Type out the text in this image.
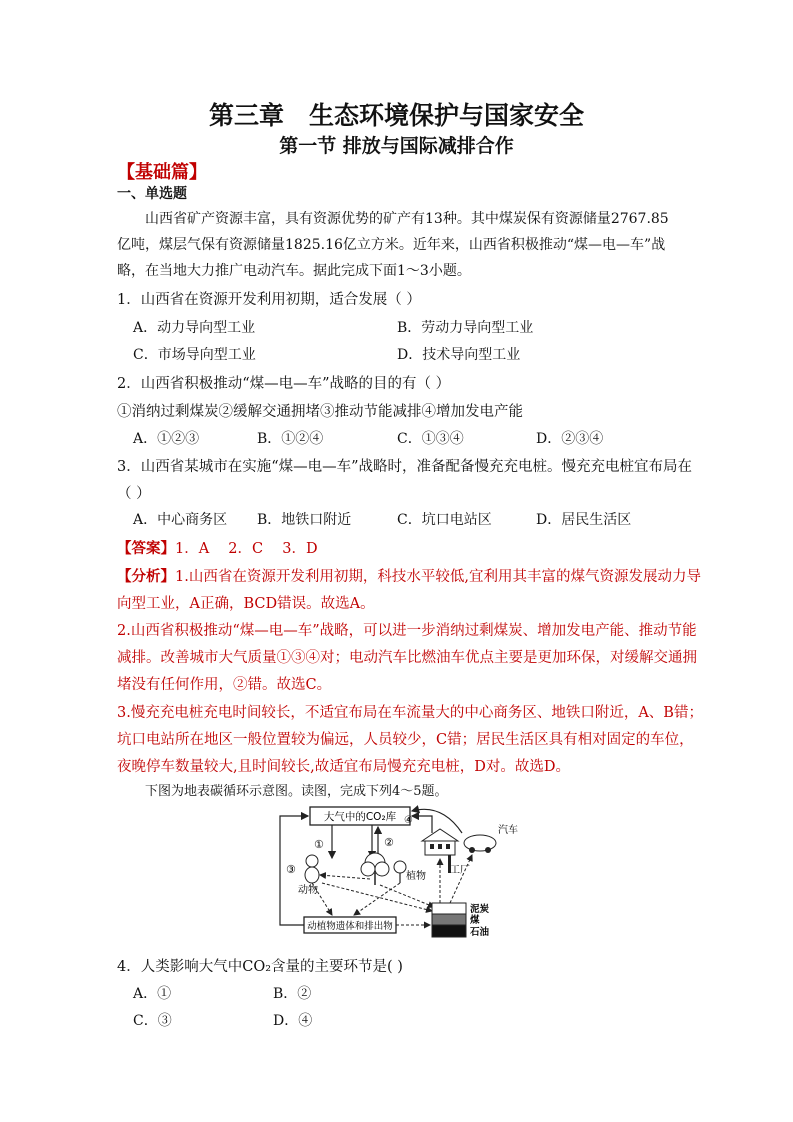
第三章　生态环境保护与国家安全
第一节 排放与国际减排合作
【基础篇】
一、单选题
山西省矿产资源丰富，具有资源优势的矿产有13种。其中煤炭保有资源储量2767.85
亿吨，煤层气保有资源储量1825.16亿立方米。近年来，山西省积极推动“煤—电—车”战
略，在当地大力推广电动汽车。据此完成下面1～3小题。
1．山西省在资源开发利用初期，适合发展（ ）
A．动力导向型工业	B．劳动力导向型工业
C．市场导向型工业	D．技术导向型工业
2．山西省积极推动“煤—电—车”战略的目的有（ ）
①消纳过剩煤炭②缓解交通拥堵③推动节能减排④增加发电产能
A．①②③	B．①②④	C．①③④	D．②③④
3．山西省某城市在实施“煤—电—车”战略时，准备配备慢充充电桩。慢充充电桩宜布局在
（ ）
A．中心商务区 B．地铁口附近	C．坑口电站区	D．居民生活区
【答案】1．A　 2．C　 3．D
【分析】1.山西省在资源开发利用初期，科技水平较低,宜利用其丰富的煤气资源发展动力导
向型工业，A正确，BCD错误。故选A。
2.山西省积极推动“煤—电—车”战略，可以进一步消纳过剩煤炭、增加发电产能、推动节能
减排。改善城市大气质量①③④对；电动汽车比燃油车优点主要是更加环保，对缓解交通拥
堵没有任何作用，②错。故选C。
3.慢充充电桩充电时间较长，不适宜布局在车流量大的中心商务区、地铁口附近，A、B错；
坑口电站所在地区一般位置较为偏远，人员较少，C错；居民生活区具有相对固定的车位，
夜晚停车数量较大,且时间较长,故适宜布局慢充充电桩，D对。故选D。
下图为地表碳循环示意图。读图，完成下列4～5题。
大气中的CO₂库
动植物遗体和排出物
③
①	②
④
动物
植物
工厂
汽车
泥炭
煤
石油
4．人类影响大气中CO₂含量的主要环节是( )
A．①	B．②
C．③	D．④
